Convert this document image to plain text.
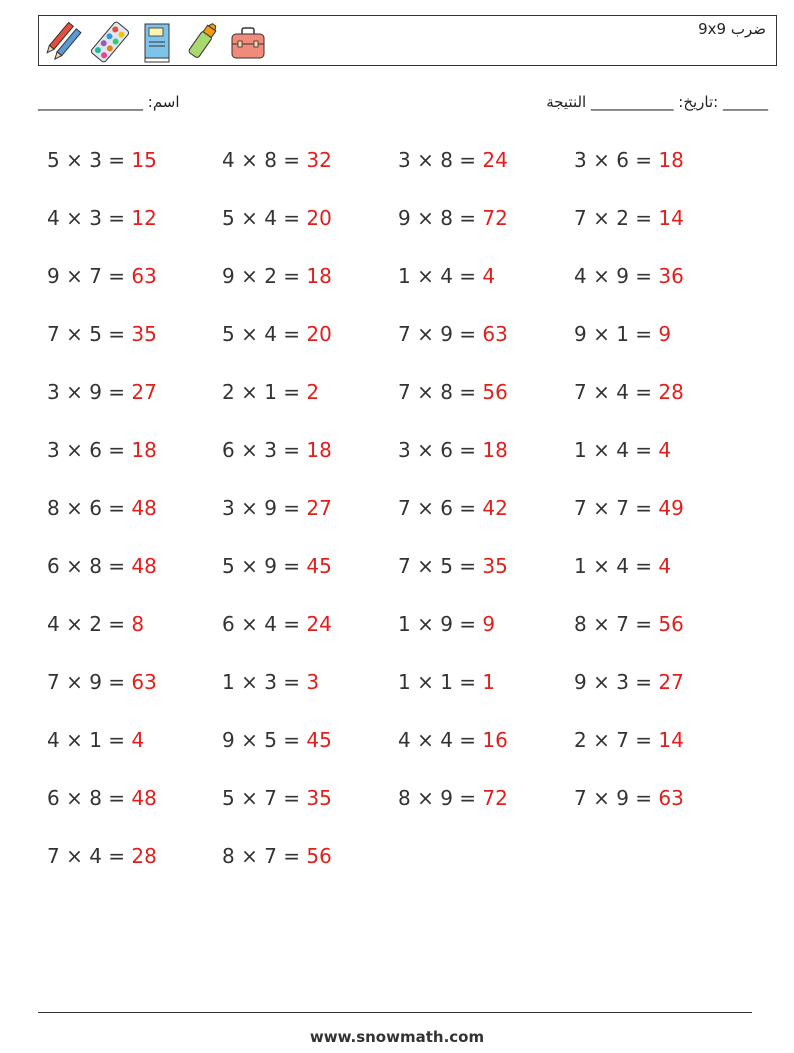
ضرب 9x9
اسم: ______________	______ :تاريخ: ___________ النتيجة
5 × 3 = 15	4 × 8 = 32	3 × 8 = 24	3 × 6 = 18
4 × 3 = 12	5 × 4 = 20	9 × 8 = 72	7 × 2 = 14
9 × 7 = 63	9 × 2 = 18	1 × 4 = 4	4 × 9 = 36
7 × 5 = 35	5 × 4 = 20	7 × 9 = 63	9 × 1 = 9
3 × 9 = 27	2 × 1 = 2	7 × 8 = 56	7 × 4 = 28
3 × 6 = 18	6 × 3 = 18	3 × 6 = 18	1 × 4 = 4
8 × 6 = 48	3 × 9 = 27	7 × 6 = 42	7 × 7 = 49
6 × 8 = 48	5 × 9 = 45	7 × 5 = 35	1 × 4 = 4
4 × 2 = 8	6 × 4 = 24	1 × 9 = 9	8 × 7 = 56
7 × 9 = 63	1 × 3 = 3	1 × 1 = 1	9 × 3 = 27
4 × 1 = 4	9 × 5 = 45	4 × 4 = 16	2 × 7 = 14
6 × 8 = 48	5 × 7 = 35	8 × 9 = 72	7 × 9 = 63
7 × 4 = 28	8 × 7 = 56
www.snowmath.com
